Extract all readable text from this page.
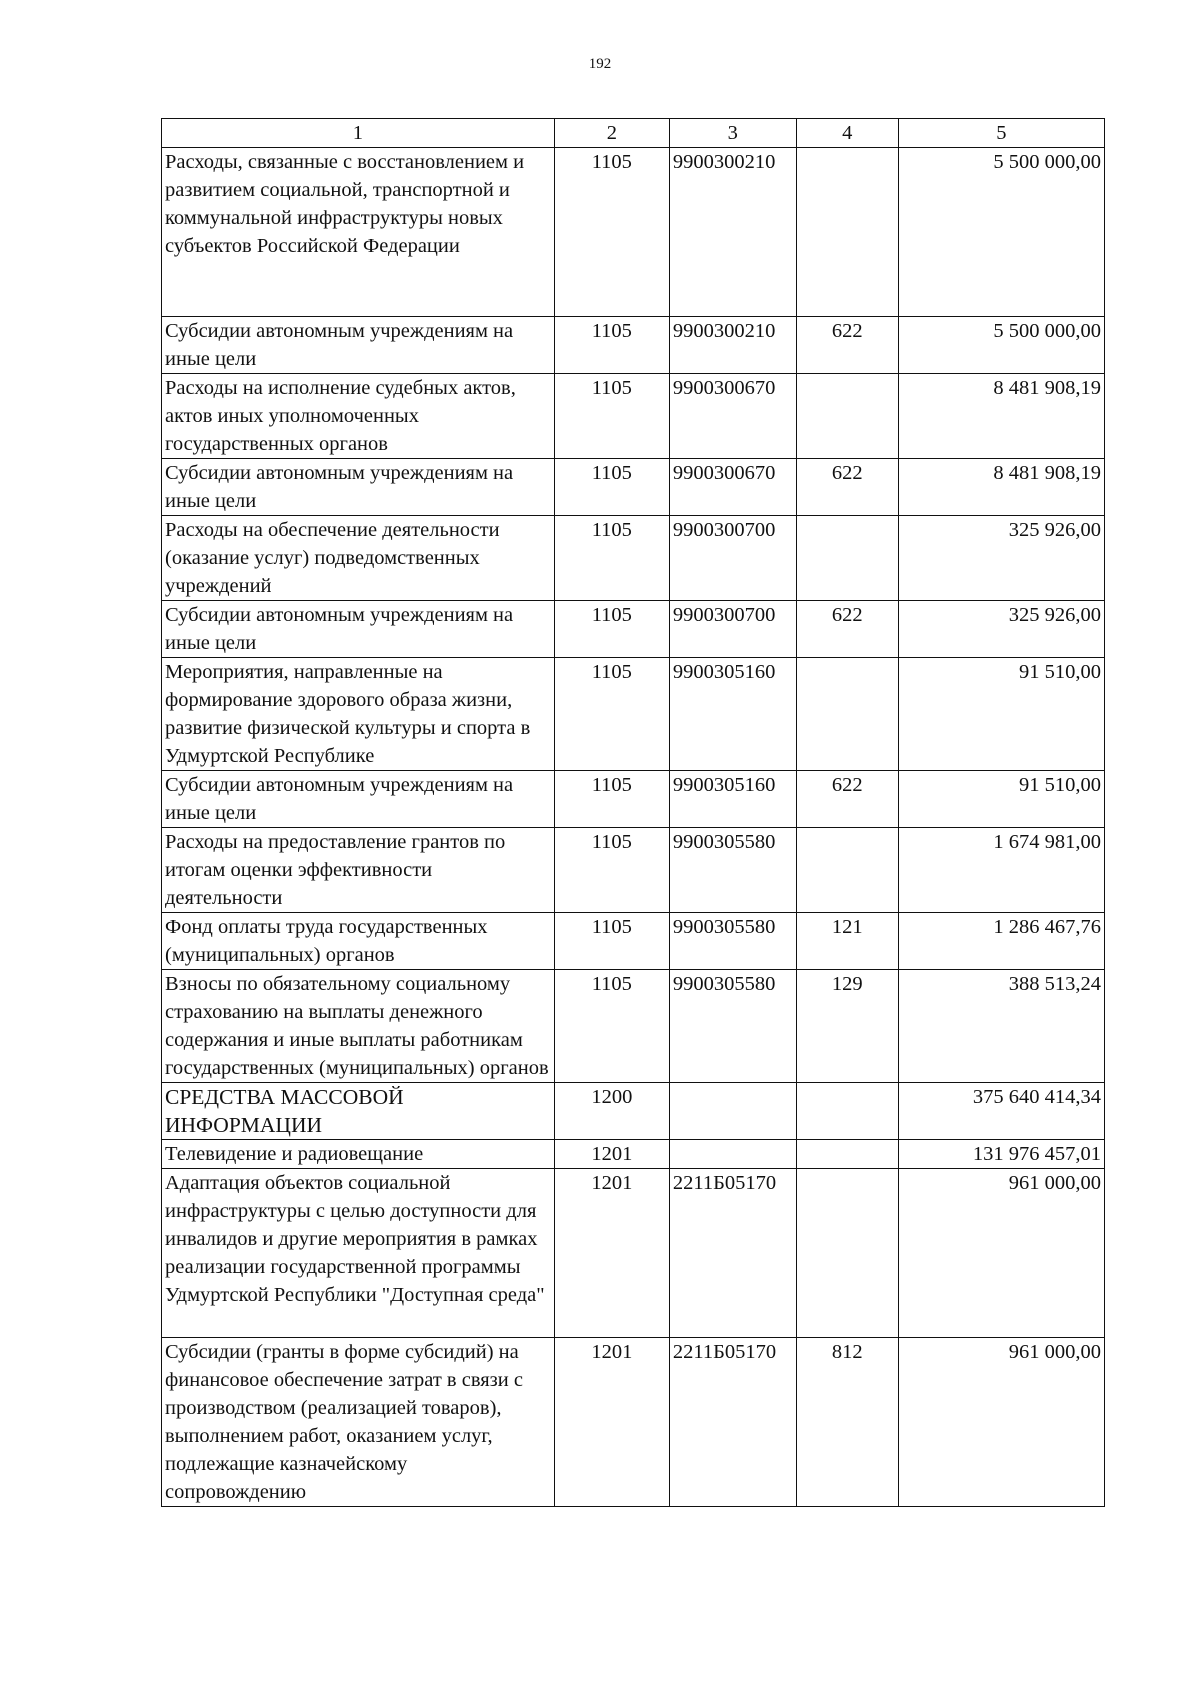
192
1	2	3	4	5
Расходы, связанные с восстановлением и развитием социальной, транспортной и коммунальной инфраструктуры новых субъектов Российской Федерации	1105	9900300210		5 500 000,00
Субсидии автономным учреждениям на иные цели	1105	9900300210	622	5 500 000,00
Расходы на исполнение судебных актов, актов иных уполномоченных государственных органов	1105	9900300670		8 481 908,19
Субсидии автономным учреждениям на иные цели	1105	9900300670	622	8 481 908,19
Расходы на обеспечение деятельности (оказание услуг) подведомственных учреждений	1105	9900300700		325 926,00
Субсидии автономным учреждениям на иные цели	1105	9900300700	622	325 926,00
Мероприятия, направленные на формирование здорового образа жизни, развитие физической культуры и спорта в Удмуртской Республике	1105	9900305160		91 510,00
Субсидии автономным учреждениям на иные цели	1105	9900305160	622	91 510,00
Расходы на предоставление грантов по итогам оценки эффективности деятельности	1105	9900305580		1 674 981,00
Фонд оплаты труда государственных (муниципальных) органов	1105	9900305580	121	1 286 467,76
Взносы по обязательному социальному страхованию на выплаты денежного содержания и иные выплаты работникам государственных (муниципальных) органов	1105	9900305580	129	388 513,24
СРЕДСТВА МАССОВОЙ ИНФОРМАЦИИ	1200			375 640 414,34
Телевидение и радиовещание	1201			131 976 457,01
Адаптация объектов социальной инфраструктуры с целью доступности для инвалидов и другие мероприятия в рамках реализации государственной программы Удмуртской Республики "Доступная среда"	1201	2211Б05170		961 000,00
Субсидии (гранты в форме субсидий) на финансовое обеспечение затрат в связи с производством (реализацией товаров), выполнением работ, оказанием услуг, подлежащие казначейскому сопровождению	1201	2211Б05170	812	961 000,00
